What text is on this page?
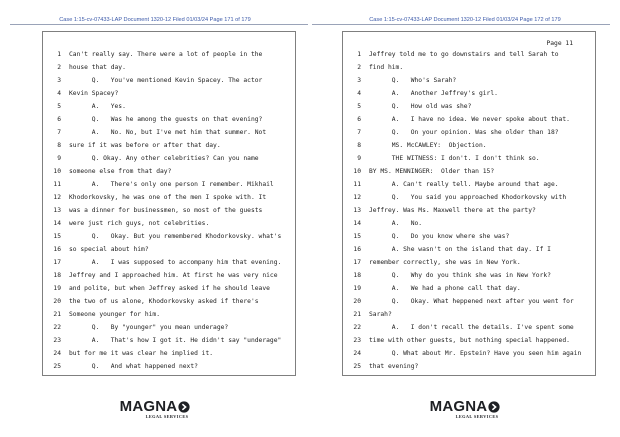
Case 1:15-cv-07433-LAP Document 1320-12 Filed 01/03/24 Page 171 of 179
1 Can't really say. There were a lot of people in the
2 house that day.
3 Q.   You've mentioned Kevin Spacey. The actor
4 Kevin Spacey?
5 A.   Yes.
6 Q.   Was he among the guests on that evening?
7 A.   No. No, but I've met him that summer. Not
8 sure if it was before or after that day.
9 Q. Okay. Any other celebrities? Can you name
10 someone else from that day?
11 A.   There's only one person I remember. Mikhail
12 Khodorkovsky, he was one of the men I spoke with. It
13 was a dinner for businessmen, so most of the guests
14 were just rich guys, not celebrities.
15 Q.   Okay. But you remembered Khodorkovsky. what's
16 so special about him?
17 A.   I was supposed to accompany him that evening.
18 Jeffrey and I approached him. At first he was very nice
19 and polite, but when Jeffrey asked if he should leave
20 the two of us alone, Khodorkovsky asked if there's
21 Someone younger for him.
22 Q.   By "younger" you mean underage?
23 A.   That's how I got it. He didn't say "underage"
24 but for me it was clear he implied it.
25 Q.   And what happened next?
MAGNA
LEGAL SERVICES
Case 1:15-cv-07433-LAP Document 1320-12 Filed 01/03/24 Page 172 of 179
Page 11
1 Jeffrey told me to go downstairs and tell Sarah to
2 find him.
3 Q.   Who's Sarah?
4 A.   Another Jeffrey's girl.
5 Q.   How old was she?
6 A.   I have no idea. We never spoke about that.
7 Q.   On your opinion. Was she older than 18?
8 MS. McCAWLEY:  Objection.
9 THE WITNESS: I don't. I don't think so.
10 BY MS. MENNINGER:  Older than 15?
11 A. Can't really tell. Maybe around that age.
12 Q.   You said you approached Khodorkovsky with
13 Jeffrey. Was Ms. Maxwell there at the party?
14 A.   No.
15 Q.   Do you know where she was?
16 A. She wasn't on the island that day. If I
17 remember correctly, she was in New York.
18 Q.   Why do you think she was in New York?
19 A.   We had a phone call that day.
20 Q.   Okay. What heppened next after you went for
21 Sarah?
22 A.   I don't recall the details. I've spent some
23 time with other guests, but nothing special happened.
24 Q. What about Mr. Epstein? Have you seen him again
25 that evening?
MAGNA
LEGAL SERVICES
